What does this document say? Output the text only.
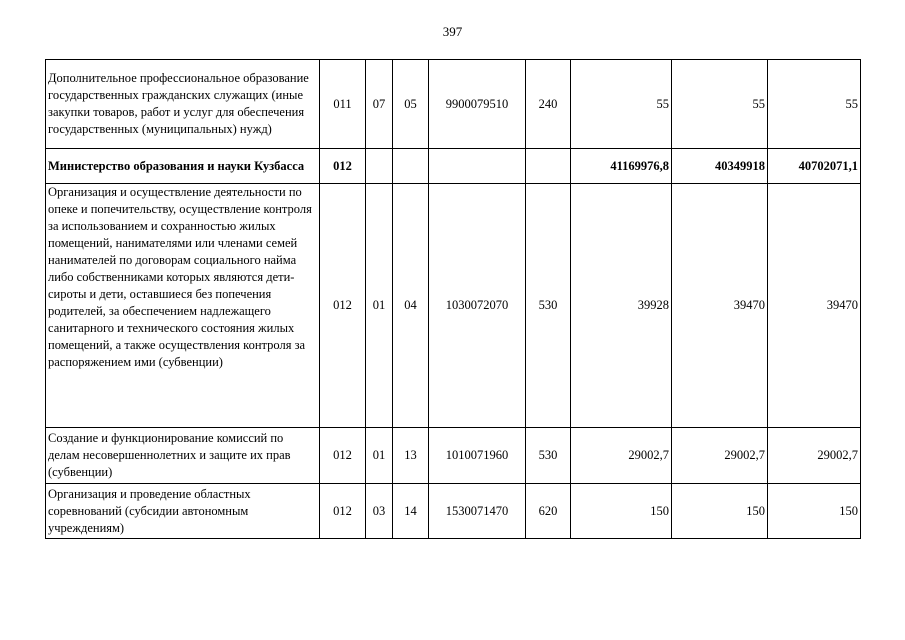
397
Дополнительное профессиональное образование государственных гражданских служащих (иные закупки товаров, работ и услуг для обеспечения государственных (муниципальных) нужд)	011	07	05	9900079510	240	55	55	55
Министерство образования и науки Кузбасса	012					41169976,8	40349918	40702071,1
Организация и осуществление деятельности по опеке и попечительству, осуществление контроля за использованием и сохранностью жилых помещений, нанимателями или членами семей нанимателей по договорам социального найма либо собственниками которых являются дети-сироты и дети, оставшиеся без попечения родителей, за обеспечением надлежащего санитарного и технического состояния жилых помещений, а также осуществления контроля за распоряжением ими (субвенции)	012	01	04	1030072070	530	39928	39470	39470
Создание и функционирование комиссий по делам несовершеннолетних и защите их прав (субвенции)	012	01	13	1010071960	530	29002,7	29002,7	29002,7
Организация и проведение областных соревнований (субсидии автономным учреждениям)	012	03	14	1530071470	620	150	150	150
